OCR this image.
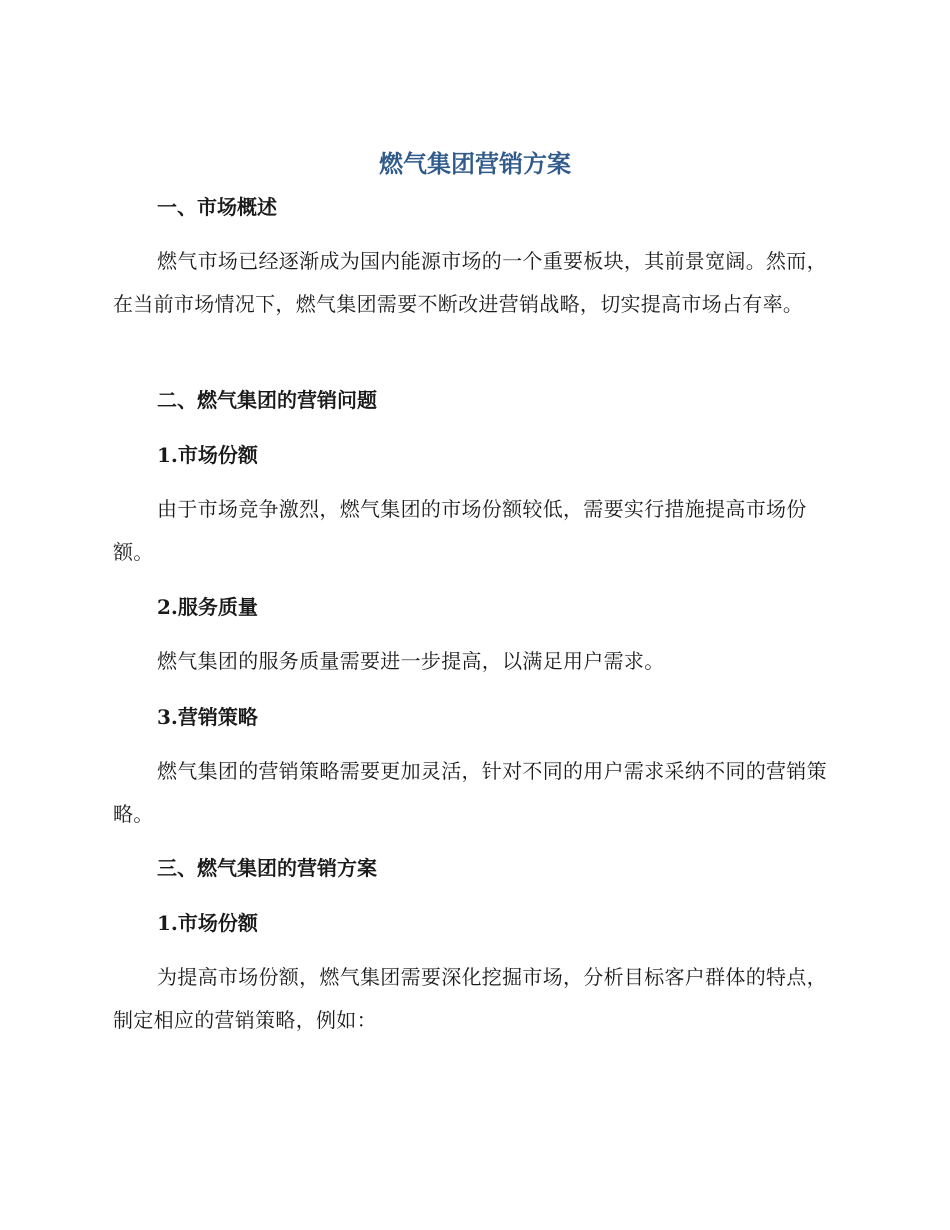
燃气集团营销方案
一、市场概述

燃气市场已经逐渐成为国内能源市场的一个重要板块，其前景宽阔。然而，在当前市场情况下，燃气集团需要不断改进营销战略，切实提高市场占有率。

二、燃气集团的营销问题
1.市场份额

由于市场竞争激烈，燃气集团的市场份额较低，需要实行措施提高市场份额。

2.服务质量

燃气集团的服务质量需要进一步提高，以满足用户需求。

3.营销策略

燃气集团的营销策略需要更加灵活，针对不同的用户需求采纳不同的营销策略。

三、燃气集团的营销方案
1.市场份额

为提高市场份额，燃气集团需要深化挖掘市场，分析目标客户群体的特点，制定相应的营销策略，例如：
